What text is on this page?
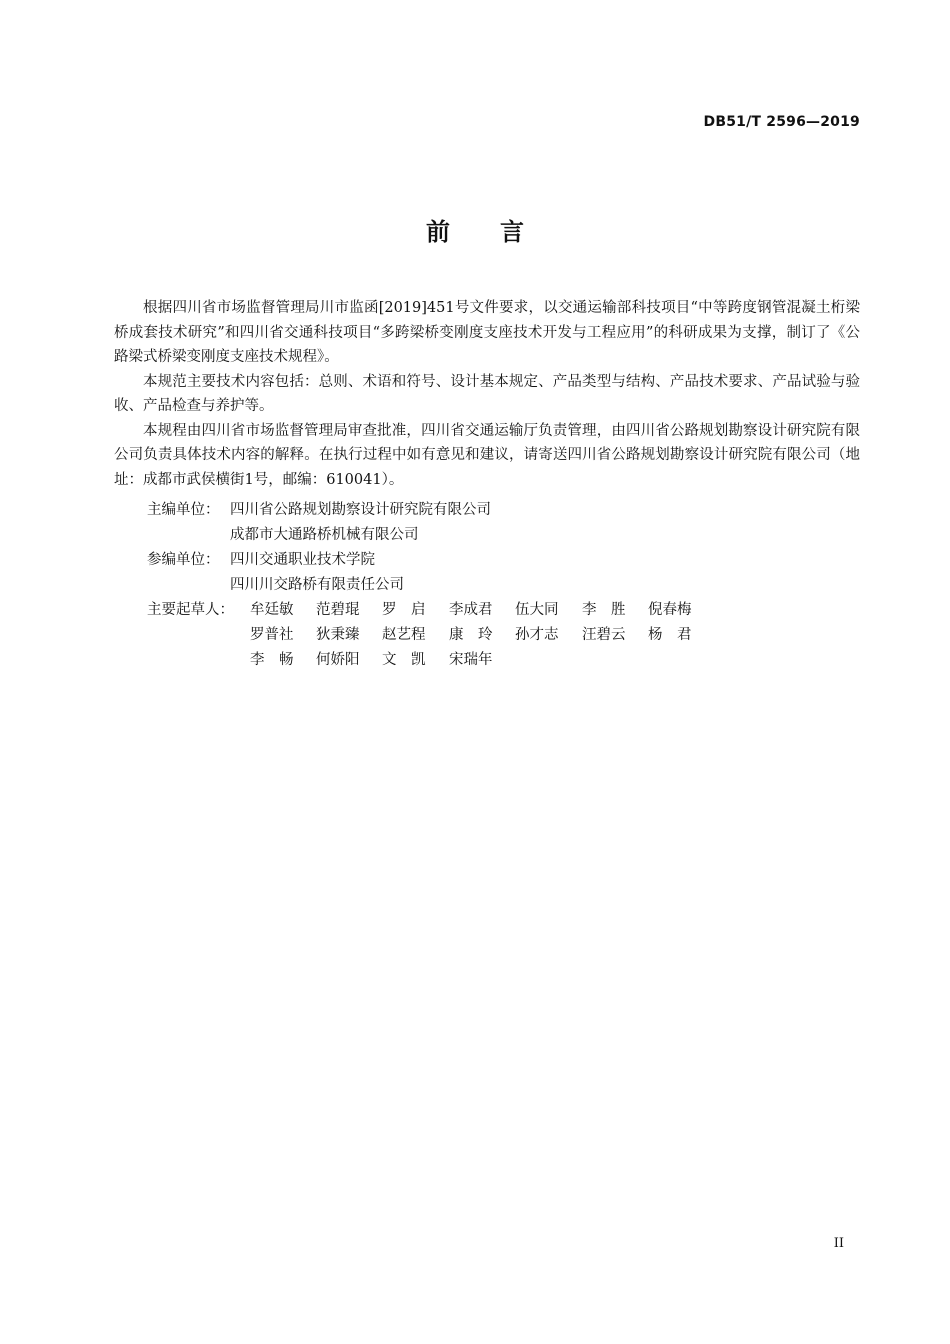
DB51/T 2596—2019
前 言

根据四川省市场监督管理局川市监函[2019]451号文件要求，以交通运输部科技项目“中等跨度钢管混凝土桁梁桥成套技术研究”和四川省交通科技项目“多跨梁桥变刚度支座技术开发与工程应用”的科研成果为支撑，制订了《公路梁式桥梁变刚度支座技术规程》。

本规范主要技术内容包括：总则、术语和符号、设计基本规定、产品类型与结构、产品技术要求、产品试验与验收、产品检查与养护等。

本规程由四川省市场监督管理局审查批准，四川省交通运输厅负责管理，由四川省公路规划勘察设计研究院有限公司负责具体技术内容的解释。在执行过程中如有意见和建议，请寄送四川省公路规划勘察设计研究院有限公司（地址：成都市武侯横街1号，邮编：610041）。

主编单位： 四川省公路规划勘察设计研究院有限公司
成都市大通路桥机械有限公司
参编单位： 四川交通职业技术学院
四川川交路桥有限责任公司
主要起草人： 牟廷敏 范碧琨 罗　启 李成君 伍大同 李　胜 倪春梅
罗普社 狄秉臻 赵艺程 康　玲 孙才志 汪碧云 杨　君
李　畅 何娇阳 文　凯 宋瑞年
II
